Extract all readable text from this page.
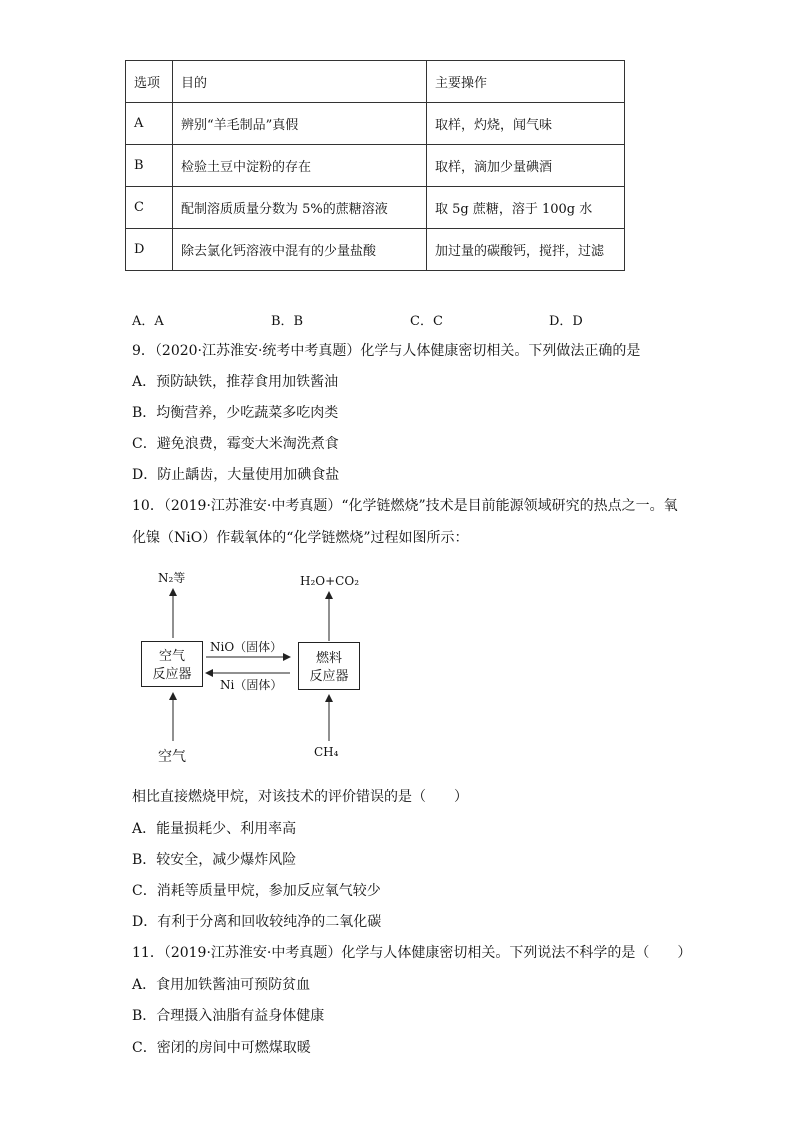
选项	目的	主要操作
A	辨别“羊毛制品”真假	取样，灼烧，闻气味
B	检验土豆中淀粉的存在	取样，滴加少量碘酒
C	配制溶质质量分数为 5%的蔗糖溶液	取 5g 蔗糖，溶于 100g 水
D	除去氯化钙溶液中混有的少量盐酸	加过量的碳酸钙，搅拌，过滤
A．A	B．B	C．C	D．D
9．（2020·江苏淮安·统考中考真题）化学与人体健康密切相关。下列做法正确的是
A．预防缺铁，推荐食用加铁酱油
B．均衡营养，少吃蔬菜多吃肉类
C．避免浪费，霉变大米淘洗煮食
D．防止龋齿，大量使用加碘食盐
10．（2019·江苏淮安·中考真题）“化学链燃烧”技术是目前能源领域研究的热点之一。氧
化镍（NiO）作载氧体的“化学链燃烧”过程如图所示：
N₂等	H₂O+CO₂
空气
反应器
燃料
反应器
NiO（固体）
Ni（固体）
空气	CH₄
相比直接燃烧甲烷，对该技术的评价错误的是（　　）
A．能量损耗少、利用率高
B．较安全，减少爆炸风险
C．消耗等质量甲烷，参加反应氧气较少
D．有利于分离和回收较纯净的二氧化碳
11．（2019·江苏淮安·中考真题）化学与人体健康密切相关。下列说法不科学的是（　　）
A．食用加铁酱油可预防贫血
B．合理摄入油脂有益身体健康
C．密闭的房间中可燃煤取暖
